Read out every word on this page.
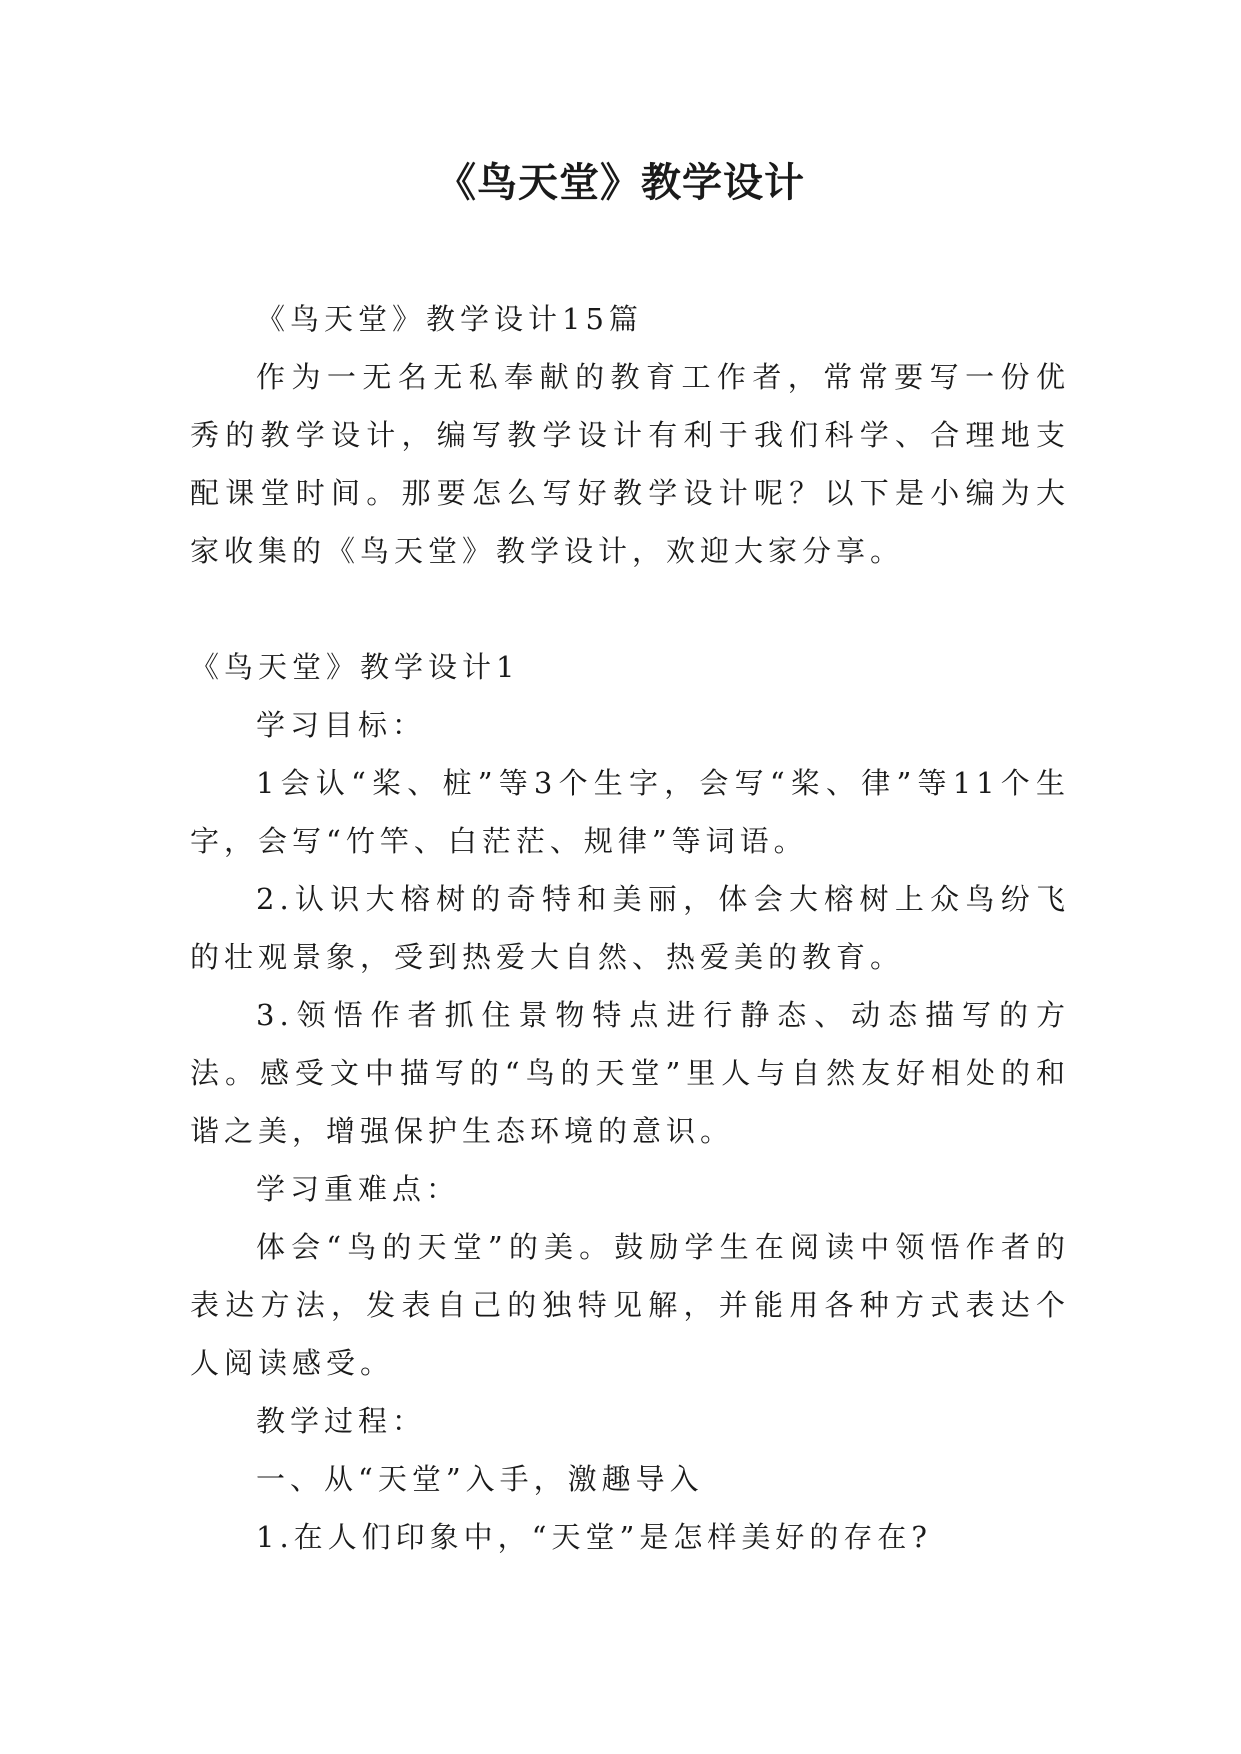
《鸟天堂》教学设计

《鸟天堂》教学设计15篇

作为一无名无私奉献的教育工作者，常常要写一份优秀的教学设计，编写教学设计有利于我们科学、合理地支配课堂时间。那要怎么写好教学设计呢？以下是小编为大家收集的《鸟天堂》教学设计，欢迎大家分享。

《鸟天堂》教学设计1

学习目标：

1会认“桨、桩”等3个生字，会写“桨、律”等11个生字，会写“竹竿、白茫茫、规律”等词语。

2.认识大榕树的奇特和美丽，体会大榕树上众鸟纷飞的壮观景象，受到热爱大自然、热爱美的教育。

3.领悟作者抓住景物特点进行静态、动态描写的方法。感受文中描写的“鸟的天堂”里人与自然友好相处的和谐之美，增强保护生态环境的意识。

学习重难点：

体会“鸟的天堂”的美。鼓励学生在阅读中领悟作者的表达方法，发表自己的独特见解，并能用各种方式表达个人阅读感受。

教学过程：

一、从“天堂”入手，激趣导入

1.在人们印象中，“天堂”是怎样美好的存在?
